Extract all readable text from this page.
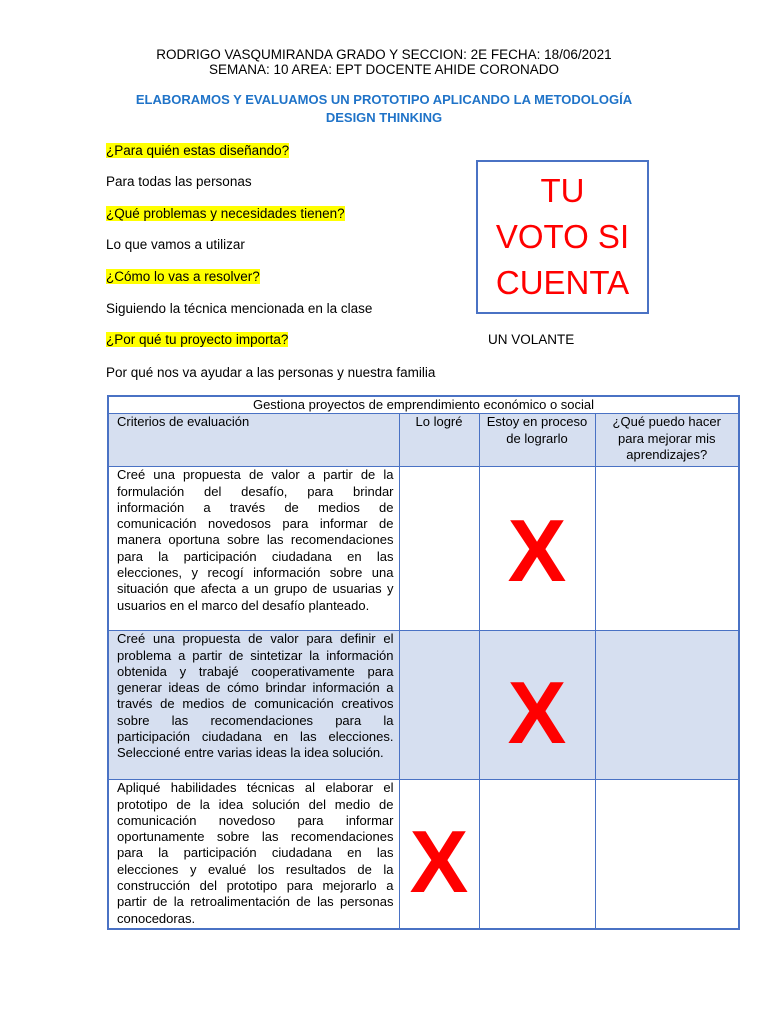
RODRIGO VASQUMIRANDA GRADO Y SECCION: 2E FECHA: 18/06/2021
SEMANA: 10 AREA: EPT DOCENTE AHIDE CORONADO
ELABORAMOS Y EVALUAMOS UN PROTOTIPO APLICANDO LA METODOLOGÍA
DESIGN THINKING
¿Para quién estas diseñando?
Para todas las personas
¿Qué problemas y necesidades tienen?
Lo que vamos a utilizar
¿Cómo lo vas a resolver?
Siguiendo la técnica mencionada en la clase
¿Por qué tu proyecto importa?
Por qué nos va ayudar a las personas y nuestra familia
TU
VOTO SI
CUENTA
UN VOLANTE
Gestiona proyectos de emprendimiento económico o social			
Criterios de evaluación	Lo logré	Estoy en proceso de lograrlo	¿Qué puedo hacer para mejorar mis aprendizajes?
Creé una propuesta de valor a partir de la formulación del desafío, para brindar información a través de medios de comunicación novedosos para informar de manera oportuna sobre las recomendaciones para la participación ciudadana en las elecciones, y recogí información sobre una situación que afecta a un grupo de usuarias y usuarios en el marco del desafío planteado.		X	

Creé una propuesta de valor para definir el problema a partir de sintetizar la información obtenida y trabajé cooperativamente para generar ideas de cómo brindar información a través de medios de comunicación creativos sobre las recomendaciones para la participación ciudadana en las elecciones. Seleccioné entre varias ideas la idea solución.		X	

Apliqué habilidades técnicas al elaborar el prototipo de la idea solución del medio de comunicación novedoso para informar oportunamente sobre las recomendaciones para la participación ciudadana en las elecciones y evalué los resultados de la construcción del prototipo para mejorarlo a partir de la retroalimentación de las personas conocedoras.	X		
